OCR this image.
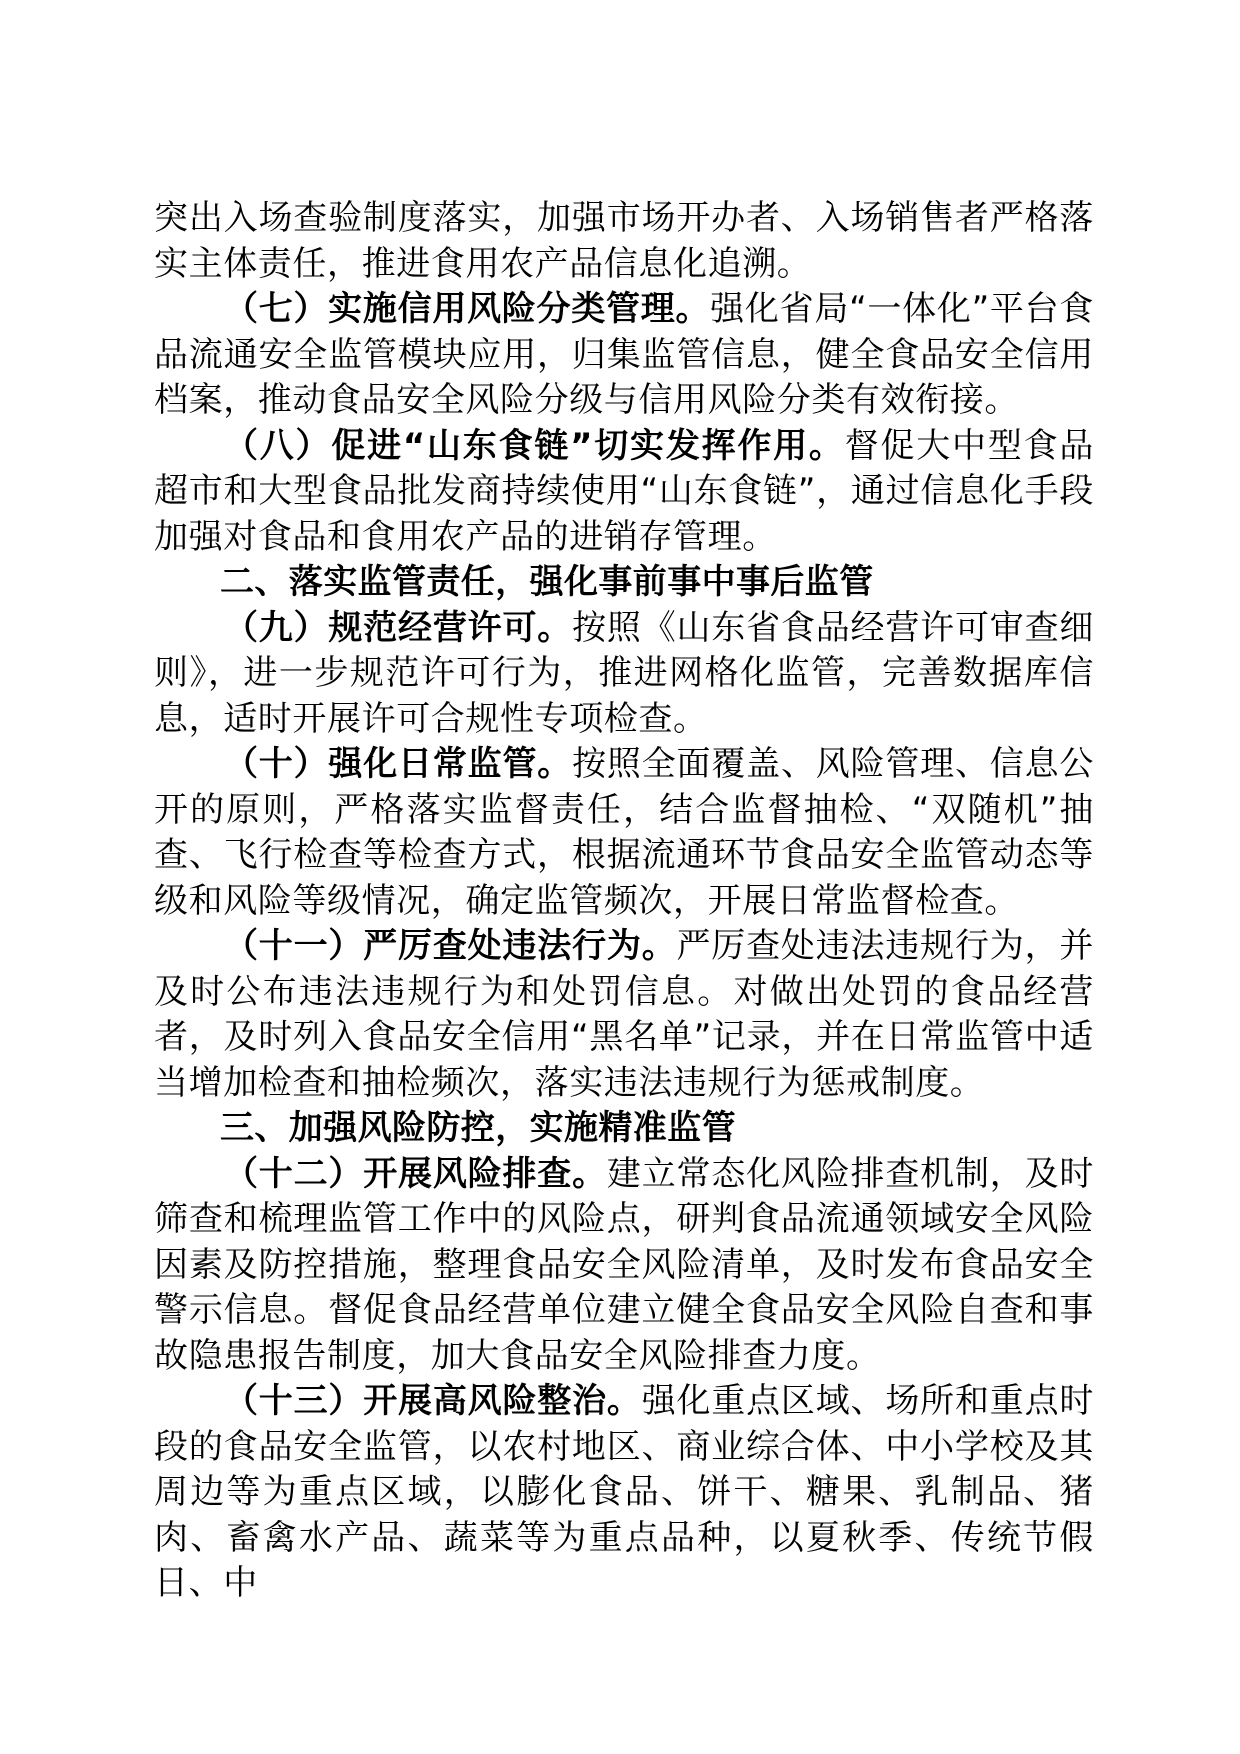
突出入场查验制度落实，加强市场开办者、入场销售者严格落实主体责任，推进食用农产品信息化追溯。

（七）实施信用风险分类管理。强化省局“一体化”平台食品流通安全监管模块应用，归集监管信息，健全食品安全信用档案，推动食品安全风险分级与信用风险分类有效衔接。

（八）促进“山东食链”切实发挥作用。督促大中型食品超市和大型食品批发商持续使用“山东食链”，通过信息化手段加强对食品和食用农产品的进销存管理。

二、落实监管责任，强化事前事中事后监管

（九）规范经营许可。按照《山东省食品经营许可审查细则》，进一步规范许可行为，推进网格化监管，完善数据库信息，适时开展许可合规性专项检查。

（十）强化日常监管。按照全面覆盖、风险管理、信息公开的原则，严格落实监督责任，结合监督抽检、“双随机”抽查、飞行检查等检查方式，根据流通环节食品安全监管动态等级和风险等级情况，确定监管频次，开展日常监督检查。

（十一）严厉查处违法行为。严厉查处违法违规行为，并及时公布违法违规行为和处罚信息。对做出处罚的食品经营者，及时列入食品安全信用“黑名单”记录，并在日常监管中适当增加检查和抽检频次，落实违法违规行为惩戒制度。

三、加强风险防控，实施精准监管

（十二）开展风险排查。建立常态化风险排查机制，及时筛查和梳理监管工作中的风险点，研判食品流通领域安全风险因素及防控措施，整理食品安全风险清单，及时发布食品安全警示信息。督促食品经营单位建立健全食品安全风险自查和事故隐患报告制度，加大食品安全风险排查力度。

（十三）开展高风险整治。强化重点区域、场所和重点时段的食品安全监管，以农村地区、商业综合体、中小学校及其周边等为重点区域，以膨化食品、饼干、糖果、乳制品、猪肉、畜禽水产品、蔬菜等为重点品种，以夏秋季、传统节假日、中
